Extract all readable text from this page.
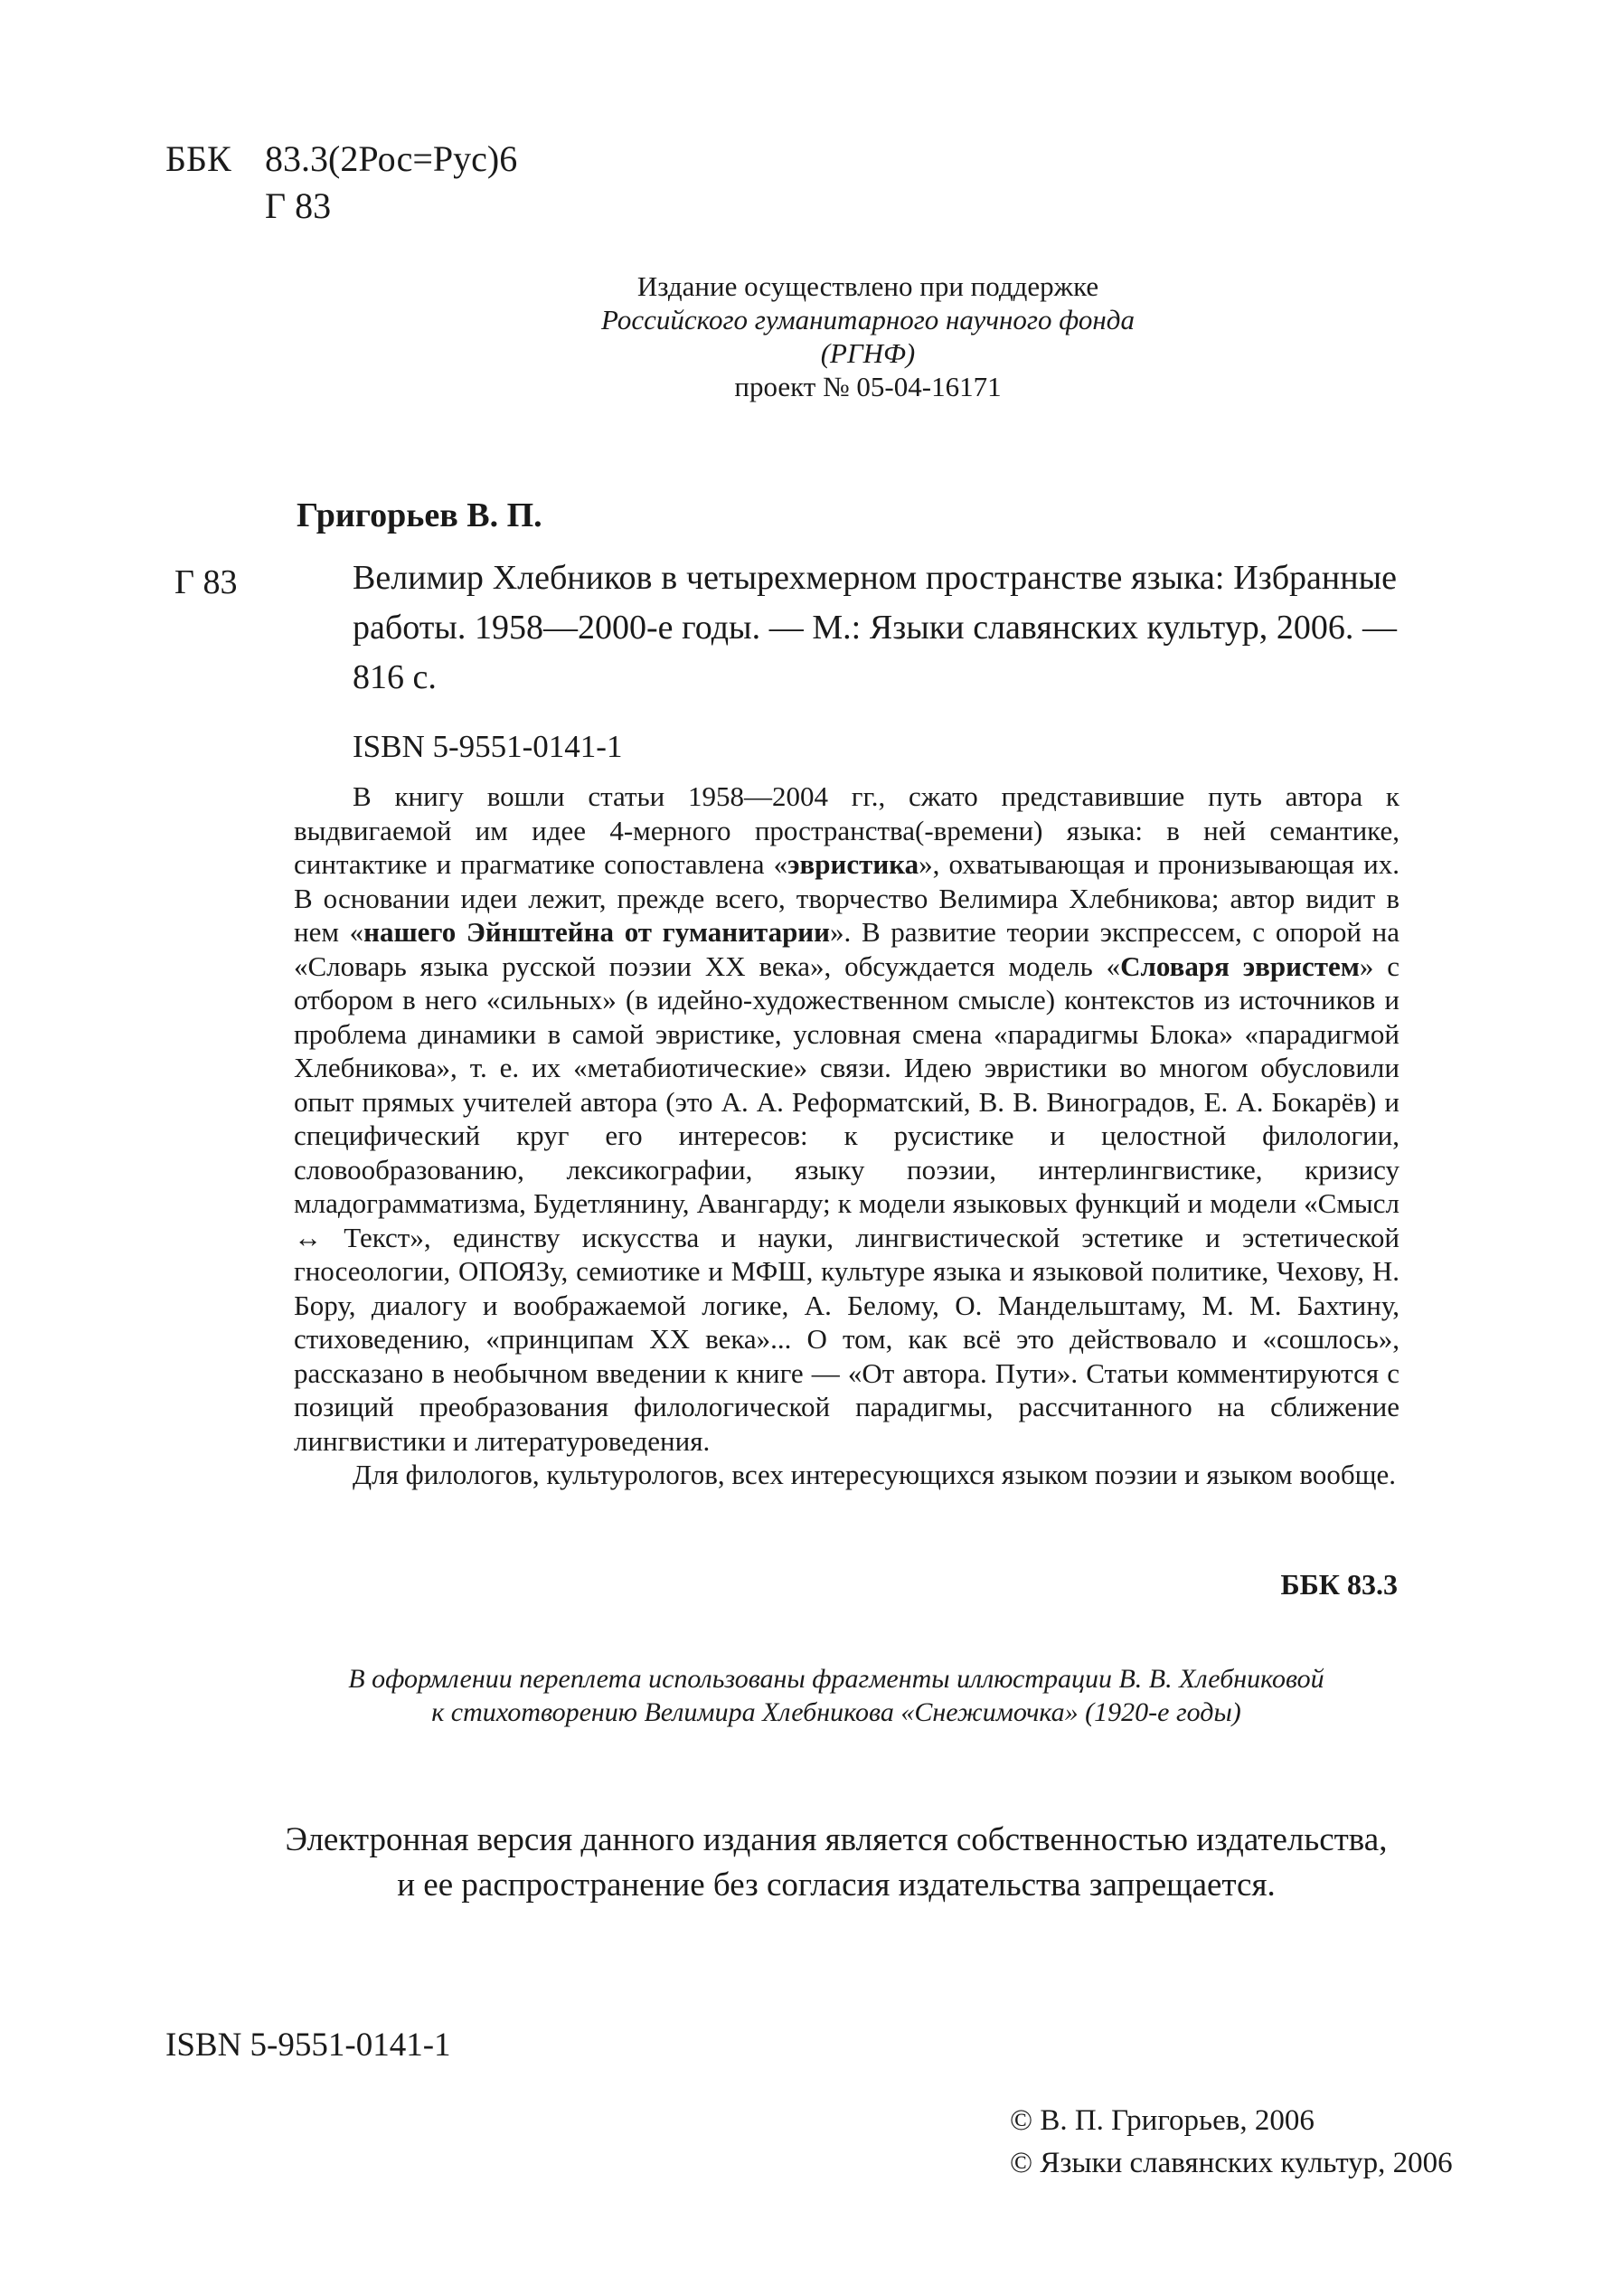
ББК 83.3(2Рос=Рус)6
Г 83
Издание осуществлено при поддержке
Российского гуманитарного научного фонда
(РГНФ)
проект № 05-04-16171
Григорьев В. П.
Г 83	Велимир Хлебников в четырехмерном пространстве языка: Избранные работы. 1958—2000-е годы. — М.: Языки славянских культур, 2006. — 816 с.
ISBN 5-9551-0141-1

В книгу вошли статьи 1958—2004 гг., сжато представившие путь автора к выдвигаемой им идее 4-мерного пространства(-времени) языка: в ней семантике, синтактике и прагматике сопоставлена «эвристика», охватывающая и пронизывающая их. В основании идеи лежит, прежде всего, творчество Велимира Хлебникова; автор видит в нем «нашего Эйнштейна от гуманитарии». В развитие теории экспрессем, с опорой на «Словарь языка русской поэзии XX века», обсуждается модель «Словаря эвристем» с отбором в него «сильных» (в идейно-художественном смысле) контекстов из источников и проблема динамики в самой эвристике, условная смена «парадигмы Блока» «парадигмой Хлебникова», т. е. их «метабиотические» связи. Идею эвристики во многом обусловили опыт прямых учителей автора (это А. А. Реформатский, В. В. Виноградов, Е. А. Бокарёв) и специфический круг его интересов: к русистике и целостной филологии, словообразованию, лексикографии, языку поэзии, интерлингвистике, кризису младограмматизма, Будетлянину, Авангарду; к модели языковых функций и модели «Смысл ↔ Текст», единству искусства и науки, лингвистической эстетике и эстетической гносеологии, ОПОЯЗу, семиотике и МФШ, культуре языка и языковой политике, Чехову, Н. Бору, диалогу и воображаемой логике, А. Белому, О. Мандельштаму, М. М. Бахтину, стиховедению, «принципам XX века»... О том, как всё это действовало и «сошлось», рассказано в необычном введении к книге — «От автора. Пути». Статьи комментируются с позиций преобразования филологической парадигмы, рассчитанного на сближение лингвистики и литературоведения.

Для филологов, культурологов, всех интересующихся языком поэзии и языком вообще.

ББК 83.3
В оформлении переплета использованы фрагменты иллюстрации В. В. Хлебниковой
к стихотворению Велимира Хлебникова «Снежимочка» (1920-е годы)
Электронная версия данного издания является собственностью издательства,
и ее распространение без согласия издательства запрещается.
ISBN 5-9551-0141-1
© В. П. Григорьев, 2006
© Языки славянских культур, 2006
